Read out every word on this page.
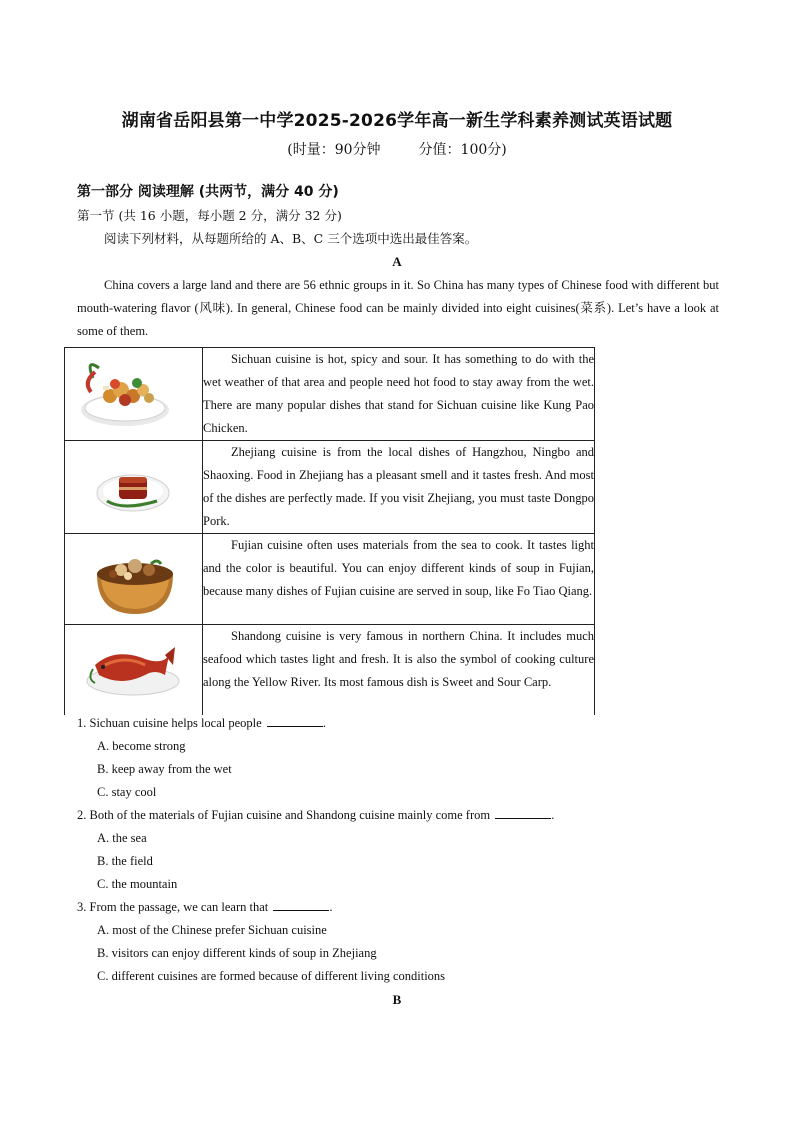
湖南省岳阳县第一中学2025-2026学年高一新生学科素养测试英语试题
(时量：90分钟	分值：100分)
第一部分 阅读理解 (共两节，满分 40 分)
第一节 (共 16 小题，每小题 2 分，满分 32 分)
阅读下列材料，从每题所给的 A、B、C 三个选项中选出最佳答案。
A
China covers a large land and there are 56 ethnic groups in it. So China has many types of Chinese food with different but mouth-watering flavor (风味). In general, Chinese food can be mainly divided into eight cuisines(菜系). Let’s have a look at some of them.

Sichuan cuisine is hot, spicy and sour. It has something to do with the wet weather of that area and people need hot food to stay away from the wet. There are many popular dishes that stand for Sichuan cuisine like Kung Pao Chicken.

Zhejiang cuisine is from the local dishes of Hangzhou, Ningbo and Shaoxing. Food in Zhejiang has a pleasant smell and it tastes fresh. And most of the dishes are perfectly made. If you visit Zhejiang, you must taste Dongpo Pork.

Fujian cuisine often uses materials from the sea to cook. It tastes light and the color is beautiful. You can enjoy different kinds of soup in Fujian, because many dishes of Fujian cuisine are served in soup, like Fo Tiao Qiang.

Shandong cuisine is very famous in northern China. It includes much seafood which tastes light and fresh. It is also the symbol of cooking culture along the Yellow River. Its most famous dish is Sweet and Sour Carp.

1. Sichuan cuisine helps local people	.
A. become strong
B. keep away from the wet
C. stay cool
2. Both of the materials of Fujian cuisine and Shandong cuisine mainly come from	.
A. the sea
B. the field
C. the mountain
3. From the passage, we can learn that	.
A. most of the Chinese prefer Sichuan cuisine
B. visitors can enjoy different kinds of soup in Zhejiang
C. different cuisines are formed because of different living conditions
B
